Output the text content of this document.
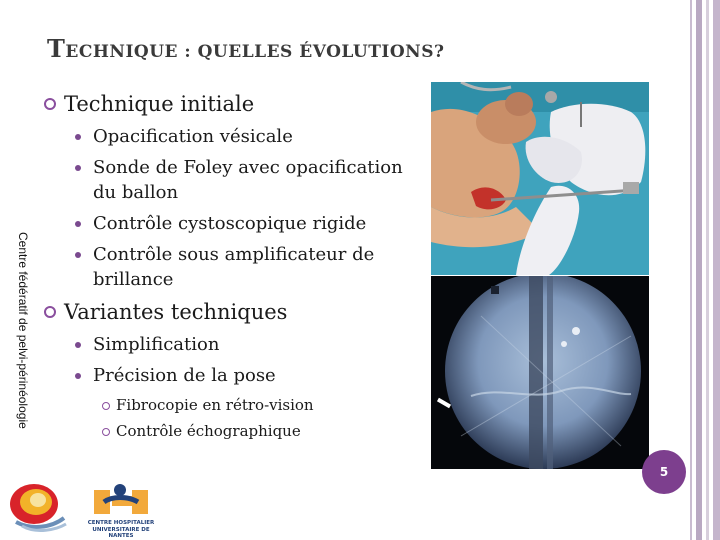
TECHNIQUE : QUELLES ÉVOLUTIONS?
Centre fédératif de pelvi-périnéologie
Technique initiale
Opacification vésicale
Sonde de Foley avec opacification du ballon
Contrôle cystoscopique rigide
Contrôle sous amplificateur de brillance
Variantes techniques
Simplification
Précision de la pose
Fibrocopie en rétro-vision
Contrôle échographique
5
CENTRE HOSPITALIER
UNIVERSITAIRE DE NANTES
